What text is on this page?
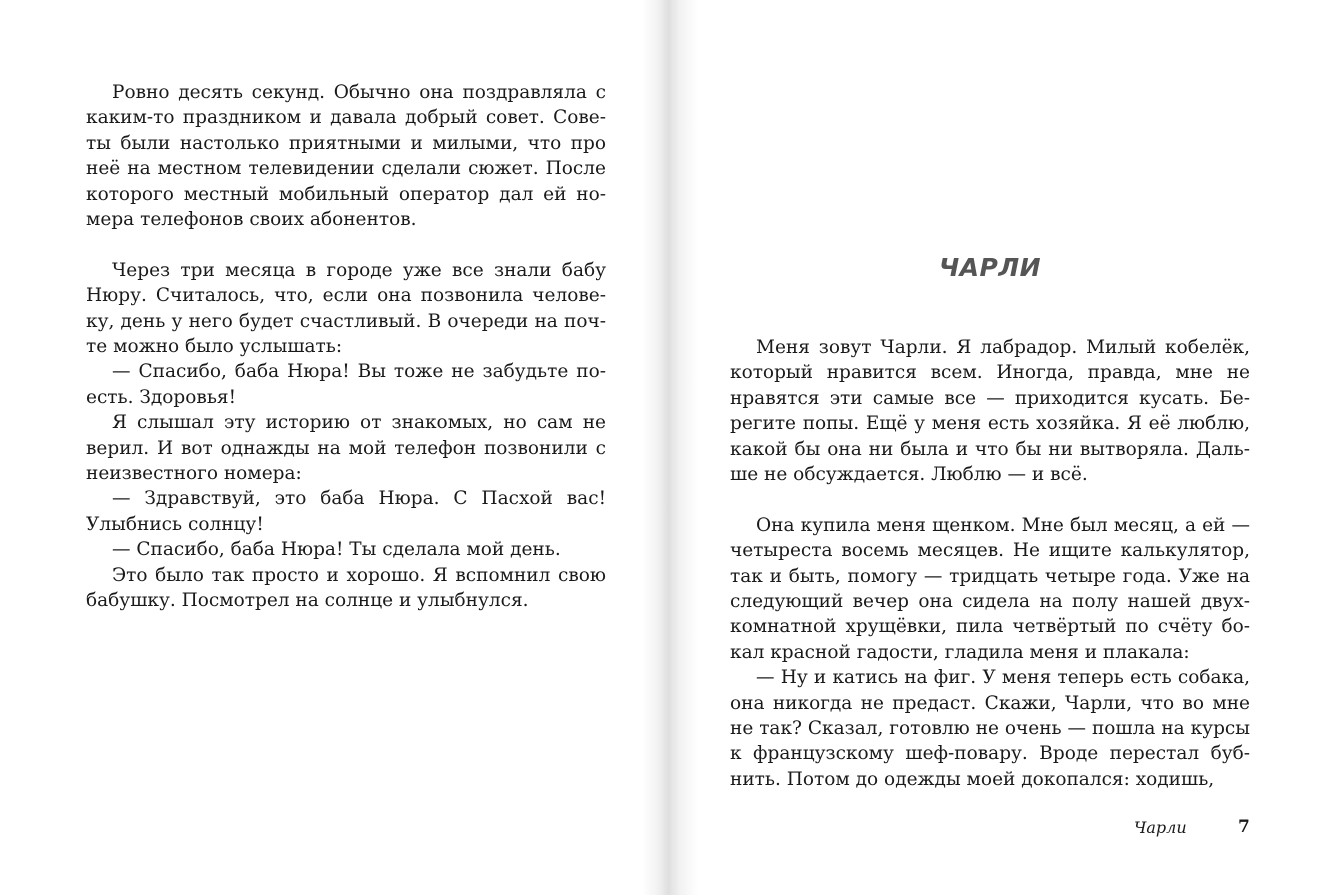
Ровно десять секунд. Обычно она поздравляла с каким-то праздником и давала добрый совет. Советы были настолько приятными и милыми, что про неё на местном телевидении сделали сюжет. После которого местный мобильный оператор дал ей номера телефонов своих абонентов.

Через три месяца в городе уже все знали бабу Нюру. Считалось, что, если она позвонила человеку, день у него будет счастливый. В очереди на почте можно было услышать:

— Спасибо, баба Нюра! Вы тоже не забудьте поесть. Здоровья!

Я слышал эту историю от знакомых, но сам не верил. И вот однажды на мой телефон позвонили с неизвестного номера:

— Здравствуй, это баба Нюра. С Пасхой вас! Улыбнись солнцу!

— Спасибо, баба Нюра! Ты сделала мой день.

Это было так просто и хорошо. Я вспомнил свою бабушку. Посмотрел на солнце и улыбнулся.

ЧАРЛИ

Меня зовут Чарли. Я лабрадор. Милый кобелёк, который нравится всем. Иногда, правда, мне не нравятся эти самые все — приходится кусать. Берегите попы. Ещё у меня есть хозяйка. Я её люблю, какой бы она ни была и что бы ни вытворяла. Дальше не обсуждается. Люблю — и всё.

Она купила меня щенком. Мне был месяц, а ей — четыреста восемь месяцев. Не ищите калькулятор, так и быть, помогу — тридцать четыре года. Уже на следующий вечер она сидела на полу нашей двухкомнатной хрущёвки, пила четвёртый по счёту бокал красной гадости, гладила меня и плакала:

— Ну и катись на фиг. У меня теперь есть собака, она никогда не предаст. Скажи, Чарли, что во мне не так? Сказал, готовлю не очень — пошла на курсы к французскому шеф-повару. Вроде перестал бубнить. Потом до одежды моей докопался: ходишь,

Чарли	7
